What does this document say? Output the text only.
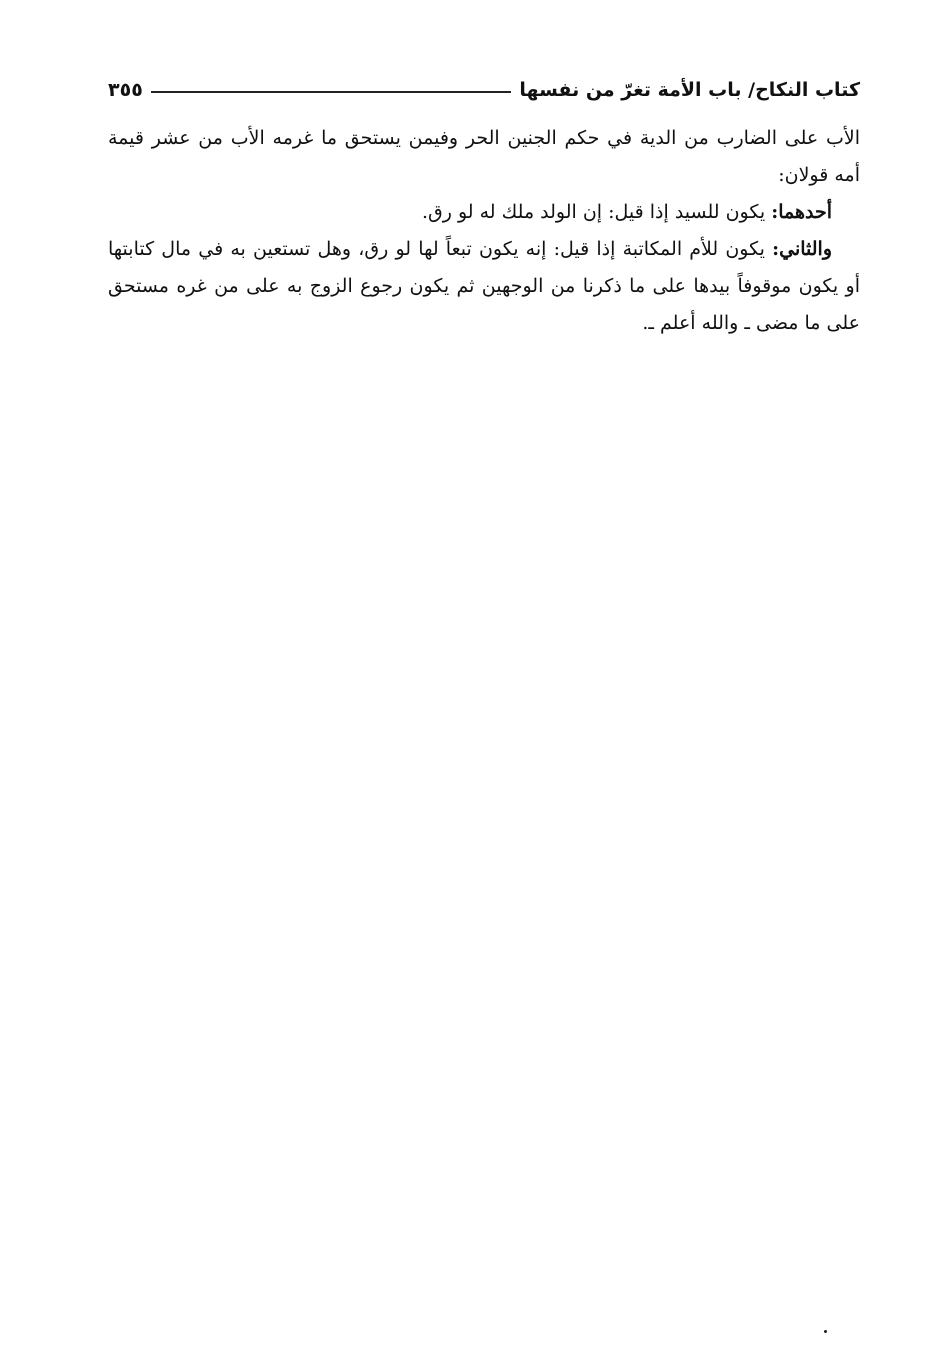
كتاب النكاح/ باب الأمة تغرّ من نفسها
٣٥٥

الأب على الضارب من الدية في حكم الجنين الحر وفيمن يستحق ما غرمه الأب من عشر قيمة أمه قولان:

أحدهما: يكون للسيد إذا قيل: إن الولد ملك له لو رق.

والثاني: يكون للأم المكاتبة إذا قيل: إنه يكون تبعاً لها لو رق، وهل تستعين به في مال كتابتها أو يكون موقوفاً بيدها على ما ذكرنا من الوجهين ثم يكون رجوع الزوج به على من غره مستحق على ما مضى ـ والله أعلم ـ.
